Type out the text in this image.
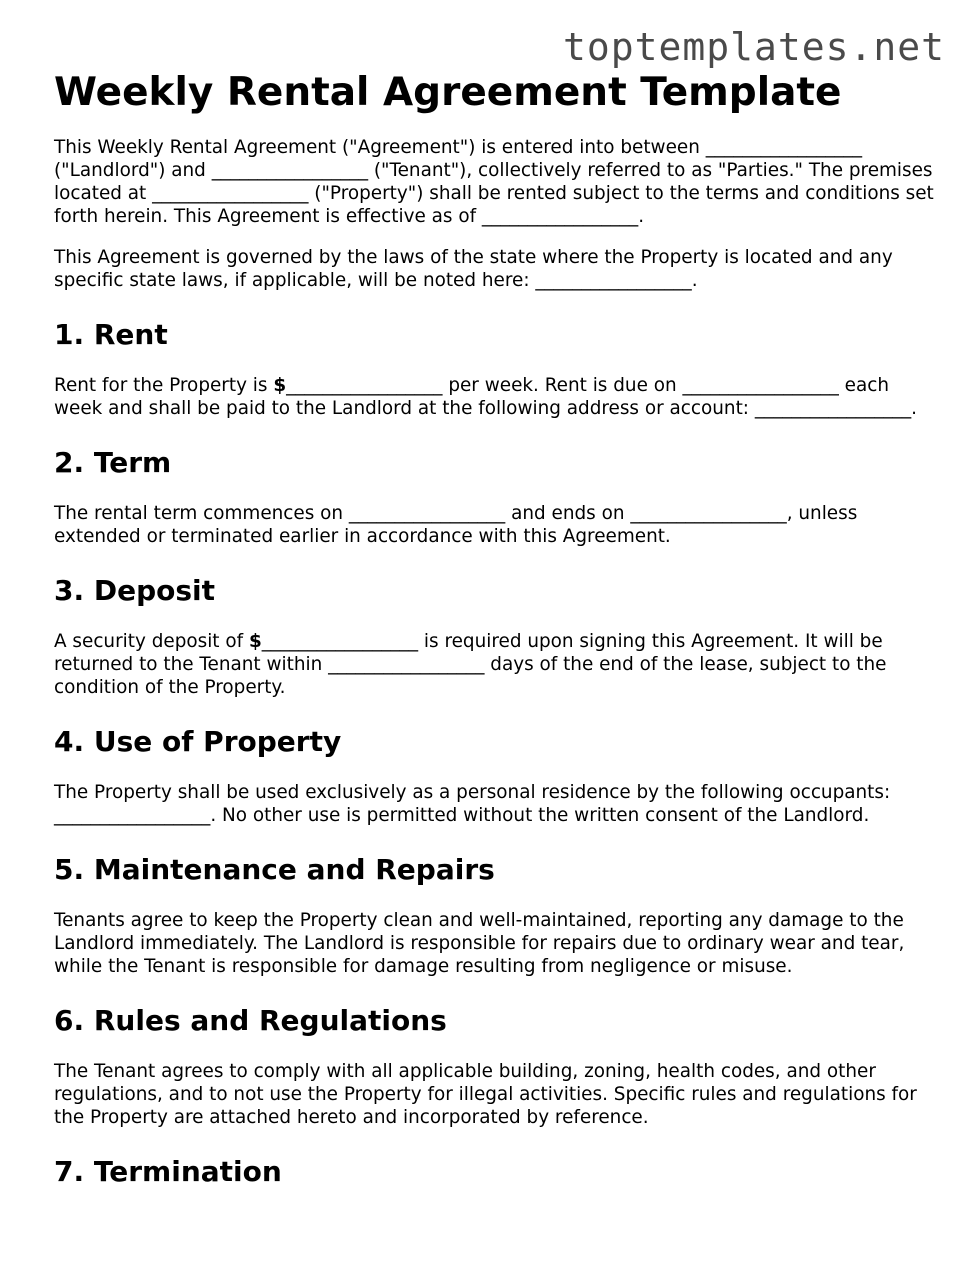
toptemplates.net
Weekly Rental Agreement Template

This Weekly Rental Agreement ("Agreement") is entered into between _________________ ("Landlord") and _________________ ("Tenant"), collectively referred to as "Parties." The premises located at _________________ ("Property") shall be rented subject to the terms and conditions set forth herein. This Agreement is effective as of _________________.

This Agreement is governed by the laws of the state where the Property is located and any specific state laws, if applicable, will be noted here: _________________.

1. Rent

Rent for the Property is $_________________ per week. Rent is due on _________________ each week and shall be paid to the Landlord at the following address or account: _________________.

2. Term

The rental term commences on _________________ and ends on _________________, unless extended or terminated earlier in accordance with this Agreement.

3. Deposit

A security deposit of $_________________ is required upon signing this Agreement. It will be returned to the Tenant within _________________ days of the end of the lease, subject to the condition of the Property.

4. Use of Property

The Property shall be used exclusively as a personal residence by the following occupants: _________________. No other use is permitted without the written consent of the Landlord.

5. Maintenance and Repairs

Tenants agree to keep the Property clean and well-maintained, reporting any damage to the Landlord immediately. The Landlord is responsible for repairs due to ordinary wear and tear, while the Tenant is responsible for damage resulting from negligence or misuse.

6. Rules and Regulations

The Tenant agrees to comply with all applicable building, zoning, health codes, and other regulations, and to not use the Property for illegal activities. Specific rules and regulations for the Property are attached hereto and incorporated by reference.

7. Termination
